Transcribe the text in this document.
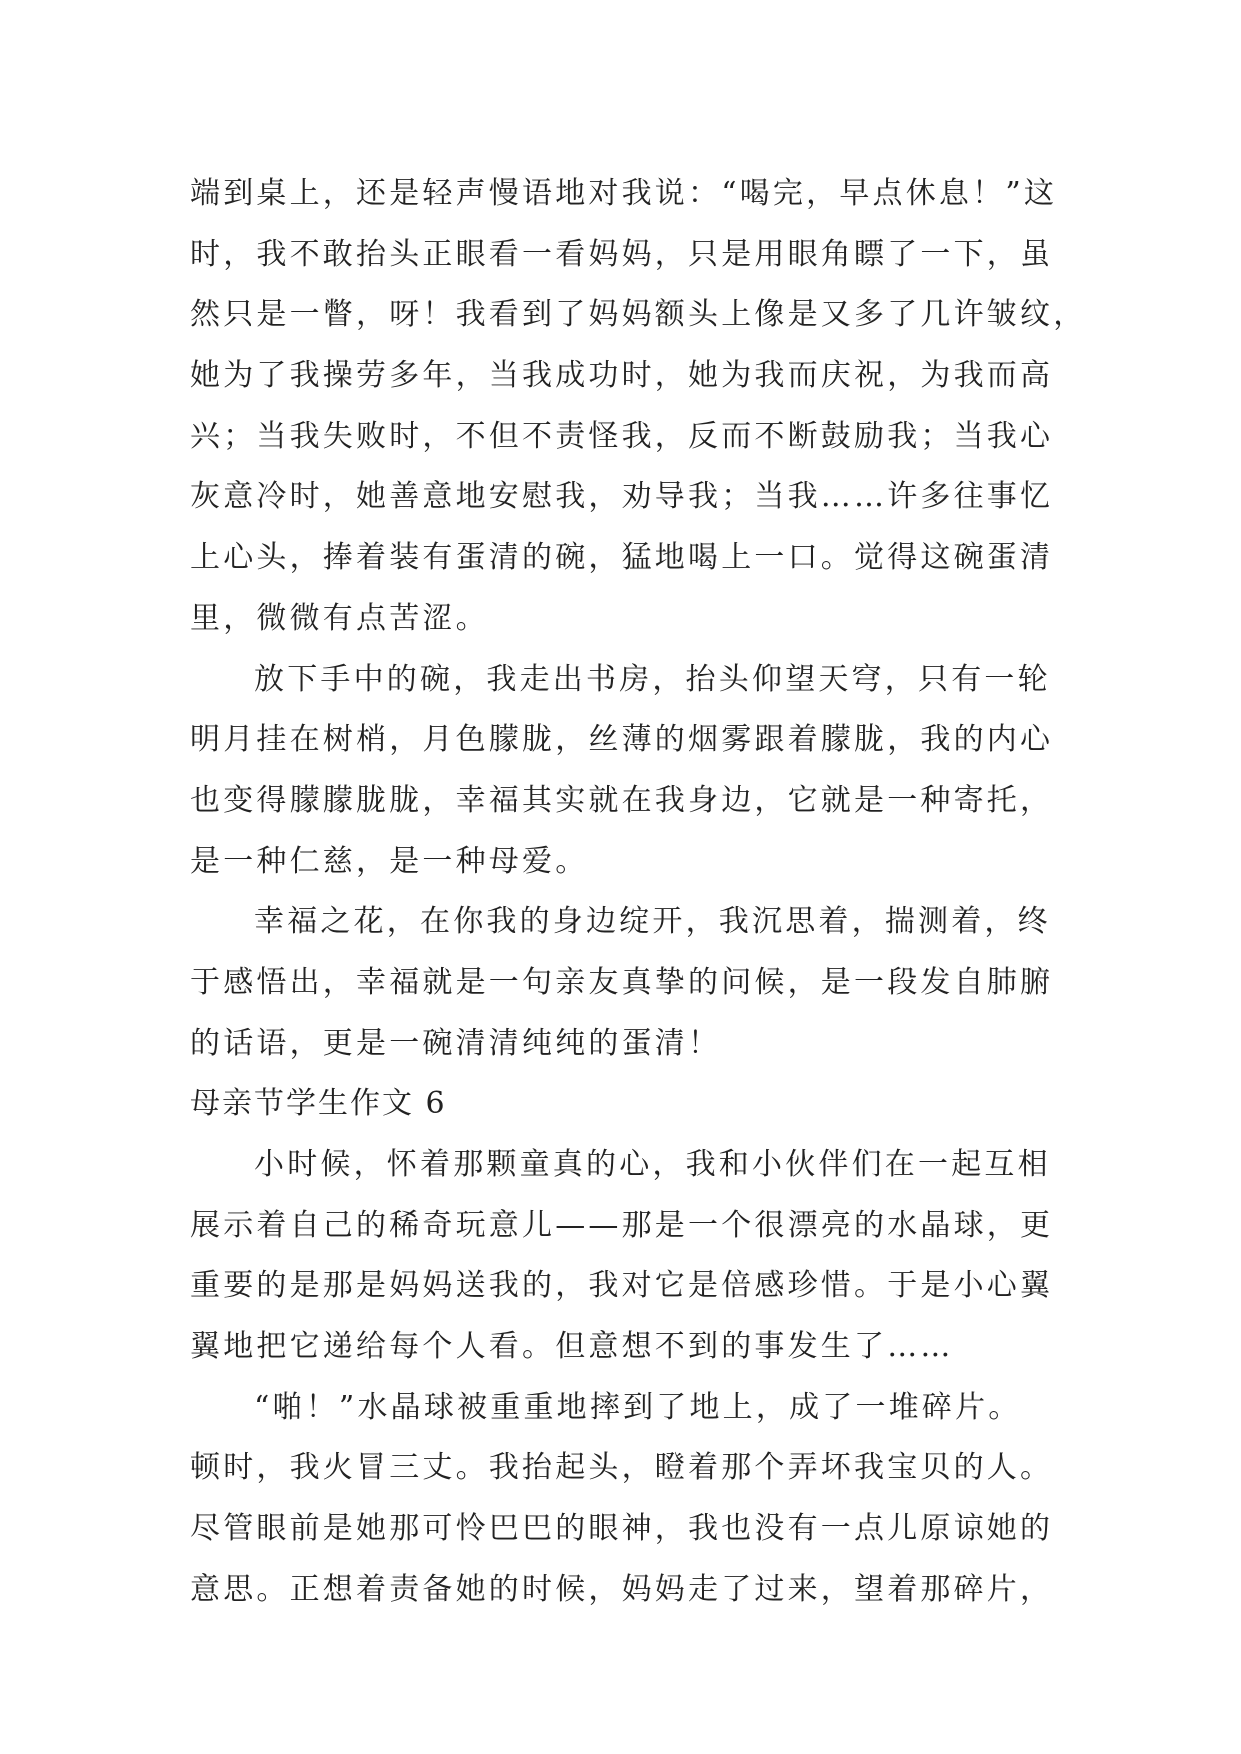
端到桌上，还是轻声慢语地对我说：“喝完，早点休息！”这
时，我不敢抬头正眼看一看妈妈，只是用眼角瞟了一下，虽
然只是一瞥，呀！我看到了妈妈额头上像是又多了几许皱纹，
她为了我操劳多年，当我成功时，她为我而庆祝，为我而高
兴；当我失败时，不但不责怪我，反而不断鼓励我；当我心
灰意冷时，她善意地安慰我，劝导我；当我……许多往事忆
上心头，捧着装有蛋清的碗，猛地喝上一口。觉得这碗蛋清
里，微微有点苦涩。
放下手中的碗，我走出书房，抬头仰望天穹，只有一轮
明月挂在树梢，月色朦胧，丝薄的烟雾跟着朦胧，我的内心
也变得朦朦胧胧，幸福其实就在我身边，它就是一种寄托，
是一种仁慈，是一种母爱。
幸福之花，在你我的身边绽开，我沉思着，揣测着，终
于感悟出，幸福就是一句亲友真挚的问候，是一段发自肺腑
的话语，更是一碗清清纯纯的蛋清！
母亲节学生作文 6
小时候，怀着那颗童真的心，我和小伙伴们在一起互相
展示着自己的稀奇玩意儿——那是一个很漂亮的水晶球，更
重要的是那是妈妈送我的，我对它是倍感珍惜。于是小心翼
翼地把它递给每个人看。但意想不到的事发生了……
“啪！”水晶球被重重地摔到了地上，成了一堆碎片。
顿时，我火冒三丈。我抬起头，瞪着那个弄坏我宝贝的人。
尽管眼前是她那可怜巴巴的眼神，我也没有一点儿原谅她的
意思。正想着责备她的时候，妈妈走了过来，望着那碎片，
